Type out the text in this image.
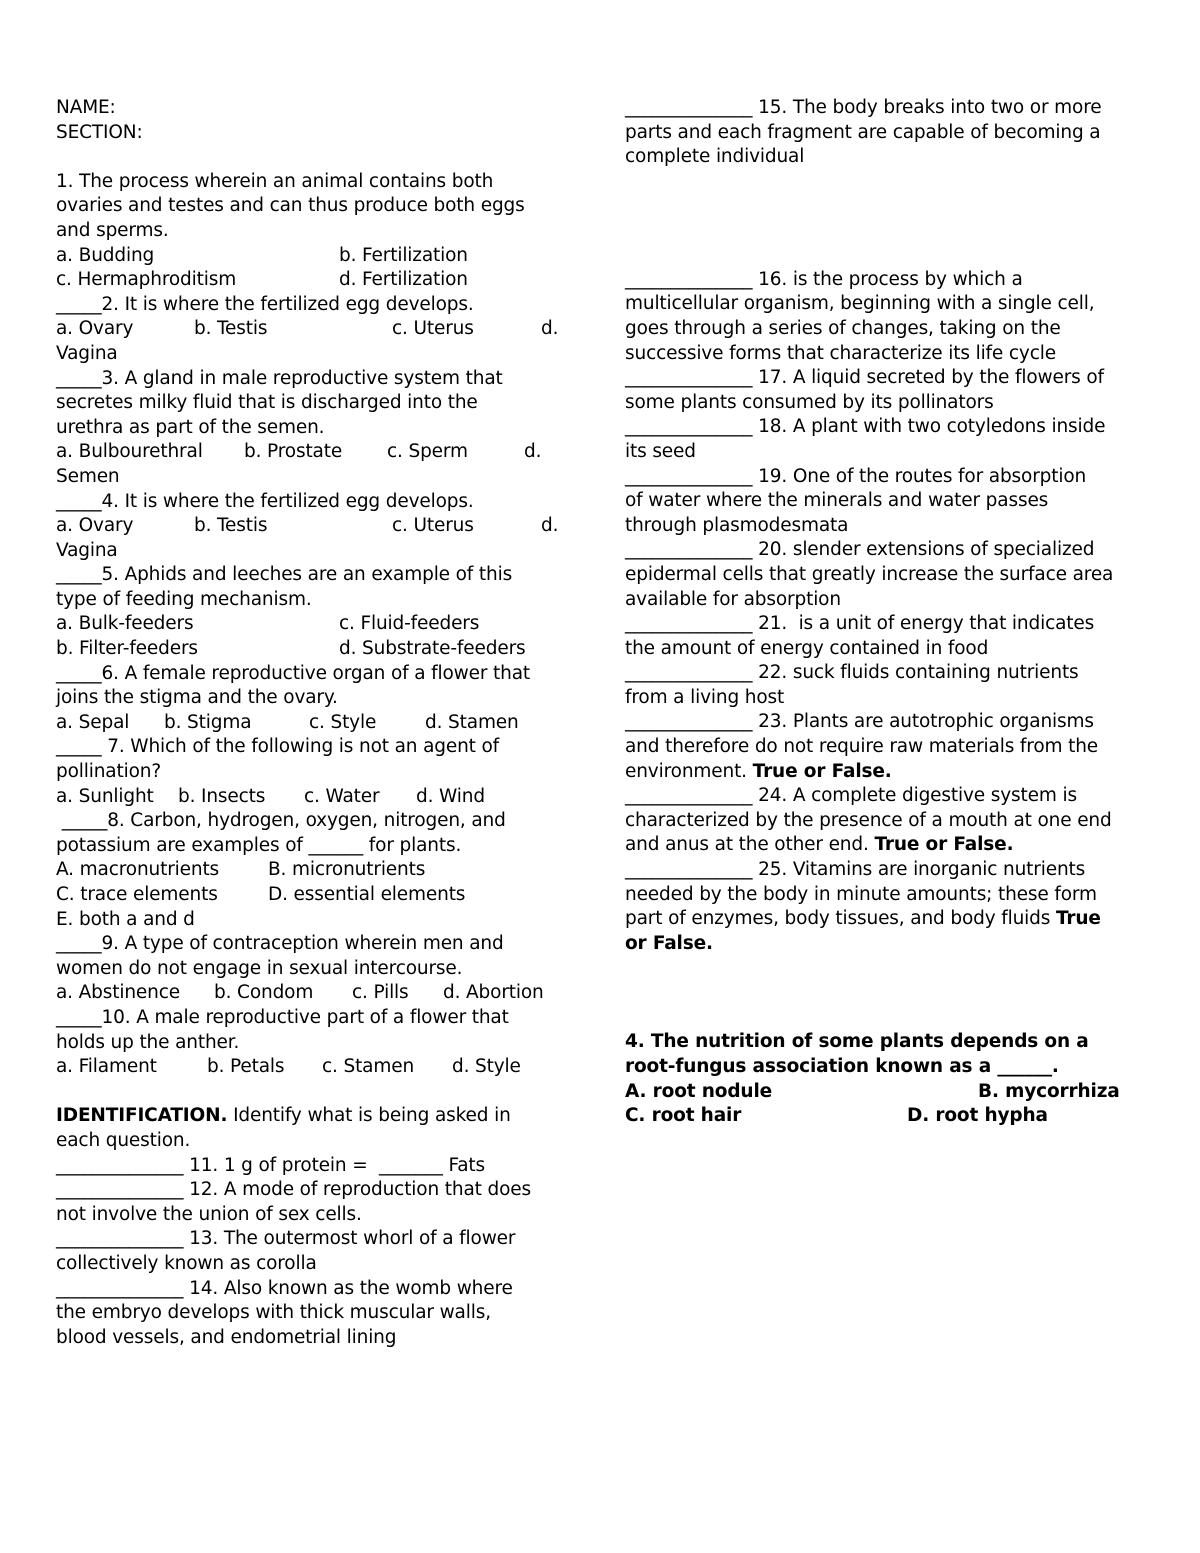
NAME:
SECTION:
1. The process wherein an animal contains both
ovaries and testes and can thus produce both eggs
and sperms.
a. Budding	b. Fertilization
c. Hermaphroditism	d. Fertilization
_____2. It is where the fertilized egg develops.
a. Ovary	b. Testis	c. Uterus	d.
Vagina
_____3. A gland in male reproductive system that
secretes milky fluid that is discharged into the
urethra as part of the semen.
a. Bulbourethral b. Prostate c. Sperm	d.
Semen
_____4. It is where the fertilized egg develops.
a. Ovary	b. Testis	c. Uterus	d.
Vagina
_____5. Aphids and leeches are an example of this
type of feeding mechanism.
a. Bulk-feeders	c. Fluid-feeders
b. Filter-feeders	d. Substrate-feeders
_____6. A female reproductive organ of a flower that
joins the stigma and the ovary.
a. Sepal b. Stigma	c. Style	d. Stamen
_____ 7. Which of the following is not an agent of
pollination?
a. Sunlight b. Insects c. Water d. Wind
_____8. Carbon, hydrogen, oxygen, nitrogen, and
potassium are examples of ______ for plants.
A. macronutrients	B. micronutrients
C. trace elements	D. essential elements
E. both a and d
_____9. A type of contraception wherein men and
women do not engage in sexual intercourse.
a. Abstinence b. Condom c. Pills d. Abortion
_____10. A male reproductive part of a flower that
holds up the anther.
a. Filament	b. Petals c. Stamen d. Style
IDENTIFICATION. Identify what is being asked in
each question.
______________ 11. 1 g of protein =  _______ Fats
______________ 12. A mode of reproduction that does
not involve the union of sex cells.
______________ 13. The outermost whorl of a flower
collectively known as corolla
______________ 14. Also known as the womb where
the embryo develops with thick muscular walls,
blood vessels, and endometrial lining
______________ 15. The body breaks into two or more
parts and each fragment are capable of becoming a
complete individual
______________ 16. is the process by which a
multicellular organism, beginning with a single cell,
goes through a series of changes, taking on the
successive forms that characterize its life cycle
______________ 17. A liquid secreted by the flowers of
some plants consumed by its pollinators
______________ 18. A plant with two cotyledons inside
its seed
______________ 19. One of the routes for absorption
of water where the minerals and water passes
through plasmodesmata
______________ 20. slender extensions of specialized
epidermal cells that greatly increase the surface area
available for absorption
______________ 21.  is a unit of energy that indicates
the amount of energy contained in food
______________ 22. suck fluids containing nutrients
from a living host
______________ 23. Plants are autotrophic organisms
and therefore do not require raw materials from the
environment. True or False.
______________ 24. A complete digestive system is
characterized by the presence of a mouth at one end
and anus at the other end. True or False.
______________ 25. Vitamins are inorganic nutrients
needed by the body in minute amounts; these form
part of enzymes, body tissues, and body fluids True
or False.
4. The nutrition of some plants depends on a
root-fungus association known as a ______.
A. root nodule	B. mycorrhiza
C. root hair	D. root hypha
